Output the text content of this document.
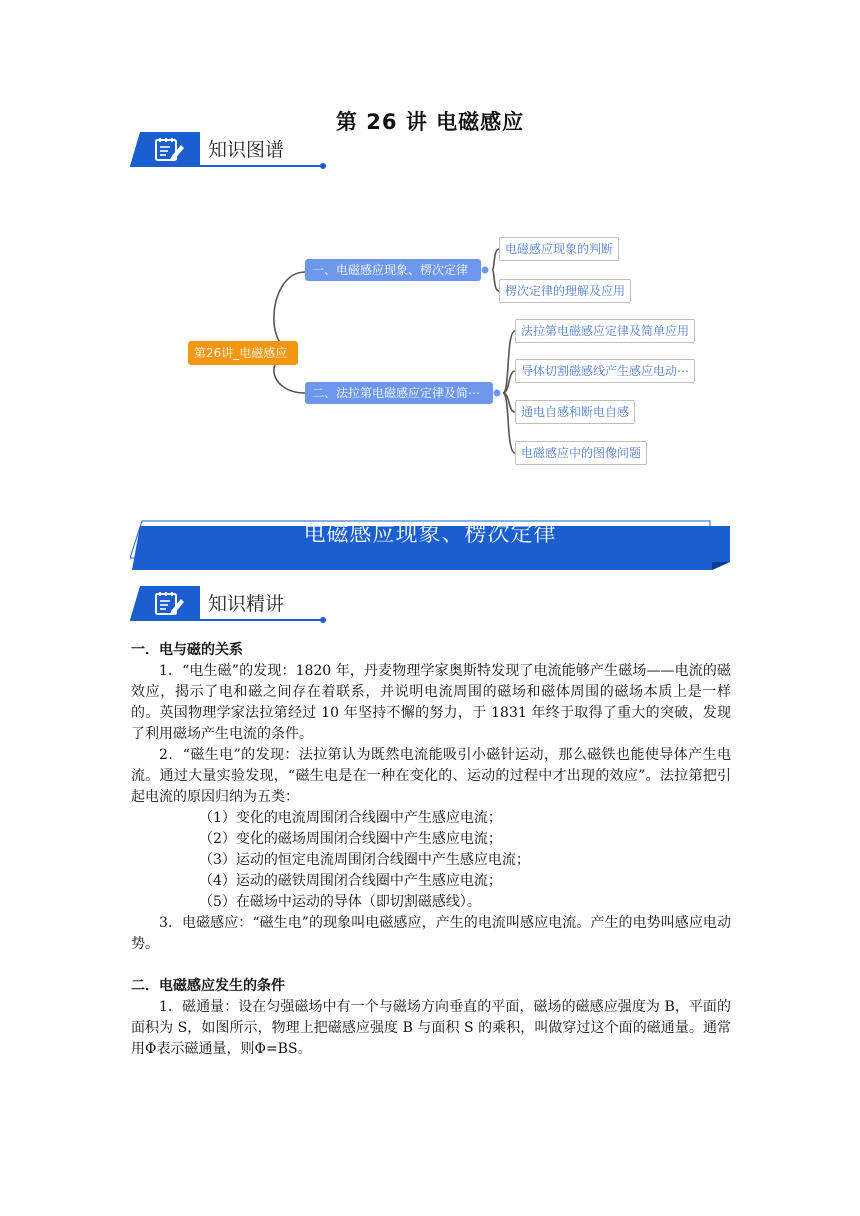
第 26 讲 电磁感应
知识图谱
第26讲_电磁感应
一、电磁感应现象、楞次定律
二、法拉第电磁感应定律及简⋯
电磁感应现象的判断
楞次定律的理解及应用
法拉第电磁感应定律及简单应用
导体切割磁感线产生感应电动⋯
通电自感和断电自感
电磁感应中的图像问题
电磁感应现象、楞次定律
知识精讲

一．电与磁的关系

1．“电生磁”的发现：1820 年，丹麦物理学家奥斯特发现了电流能够产生磁场——电流的磁效应，揭示了电和磁之间存在着联系，并说明电流周围的磁场和磁体周围的磁场本质上是一样的。英国物理学家法拉第经过 10 年坚持不懈的努力，于 1831 年终于取得了重大的突破，发现了利用磁场产生电流的条件。

2．“磁生电”的发现：法拉第认为既然电流能吸引小磁针运动，那么磁铁也能使导体产生电流。通过大量实验发现，“磁生电是在一种在变化的、运动的过程中才出现的效应”。法拉第把引起电流的原因归纳为五类：

（1）变化的电流周围闭合线圈中产生感应电流；

（2）变化的磁场周围闭合线圈中产生感应电流；

（3）运动的恒定电流周围闭合线圈中产生感应电流；

（4）运动的磁铁周围闭合线圈中产生感应电流；

（5）在磁场中运动的导体（即切割磁感线）。

3．电磁感应：“磁生电”的现象叫电磁感应，产生的电流叫感应电流。产生的电势叫感应电动势。

二．电磁感应发生的条件

1．磁通量：设在匀强磁场中有一个与磁场方向垂直的平面，磁场的磁感应强度为 B，平面的面积为 S，如图所示，物理上把磁感应强度 B 与面积 S 的乘积，叫做穿过这个面的磁通量。通常用Φ表示磁通量，则Φ=BS。
